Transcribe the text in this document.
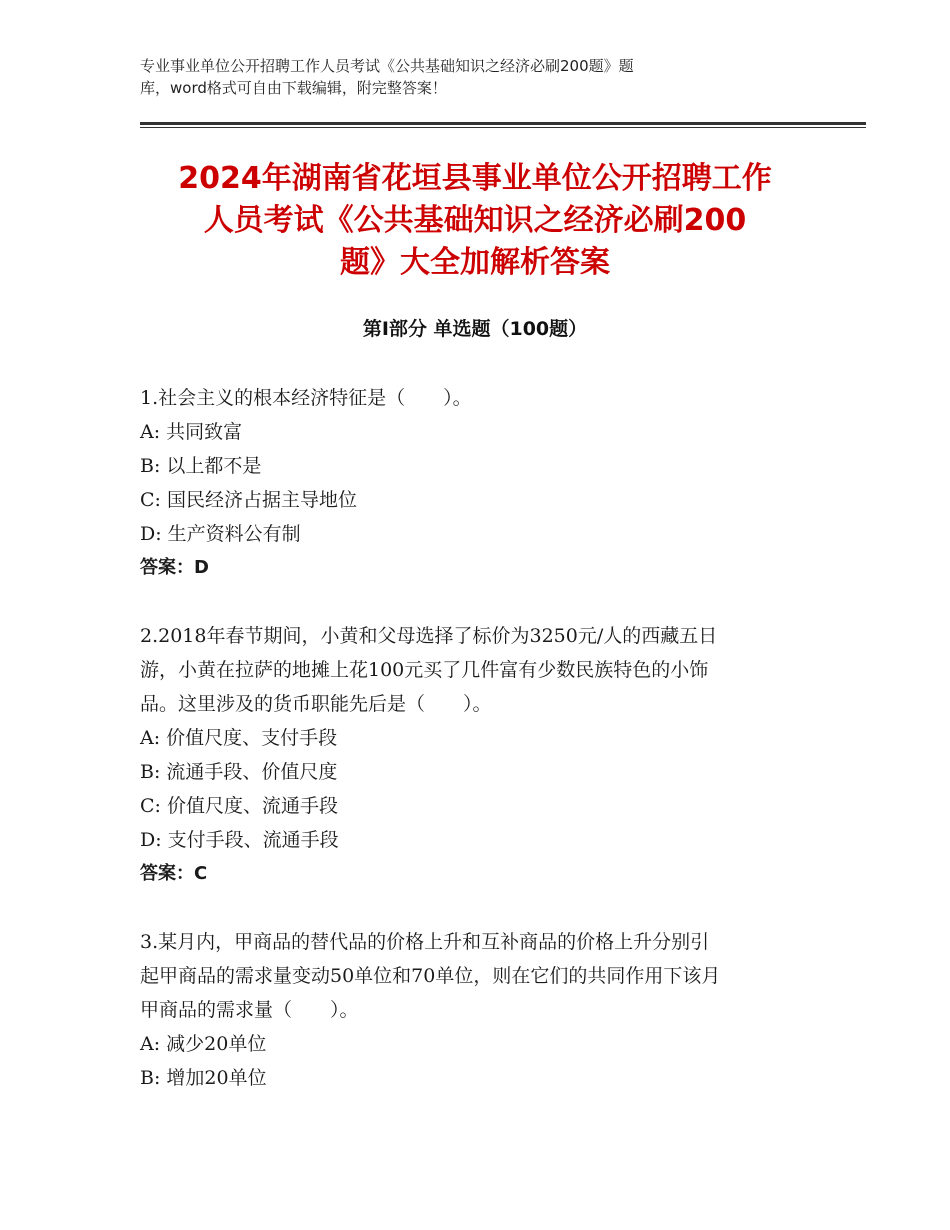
专业事业单位公开招聘工作人员考试《公共基础知识之经济必刷200题》题
库，word格式可自由下载编辑，附完整答案！
2024年湖南省花垣县事业单位公开招聘工作
人员考试《公共基础知识之经济必刷200
题》大全加解析答案
第Ⅰ部分 单选题（100题）
1.社会主义的根本经济特征是（　　）。
A: 共同致富
B: 以上都不是
C: 国民经济占据主导地位
D: 生产资料公有制
答案：D
2.2018年春节期间，小黄和父母选择了标价为3250元/人的西藏五日
游，小黄在拉萨的地摊上花100元买了几件富有少数民族特色的小饰
品。这里涉及的货币职能先后是（　　）。
A: 价值尺度、支付手段
B: 流通手段、价值尺度
C: 价值尺度、流通手段
D: 支付手段、流通手段
答案：C
3.某月内，甲商品的替代品的价格上升和互补商品的价格上升分别引
起甲商品的需求量变动50单位和70单位，则在它们的共同作用下该月
甲商品的需求量（　　）。
A: 减少20单位
B: 增加20单位
